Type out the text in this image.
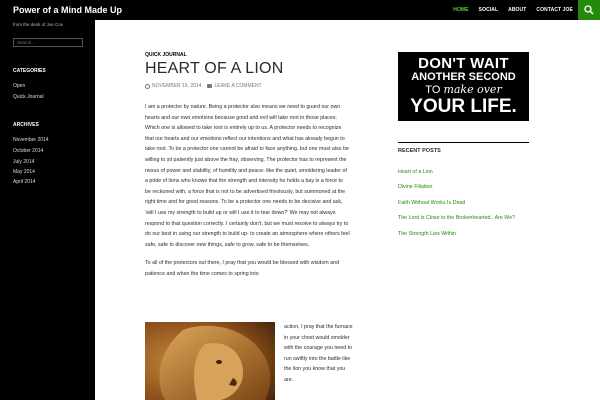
Power of a Mind Made Up	HOME SOCIAL ABOUT CONTACT JOE
from the desk of Joe Cox
Search …
CATEGORIES
Open
Quick Journal
ARCHIVES
November 2014
October 2014
July 2014
May 2014
April 2014
QUICK JOURNAL
HEART OF A LION
NOVEMBER 19, 2014	LEAVE A COMMENT

I am a protector by nature. Being a protector also means we need to guard our own hearts and our own emotions because good and evil will take root in those places. Which one is allowed to take root is entirely up to us. A protector needs to recognize that our hearts and our emotions reflect our intentions and what has already begun to take root. To be a protector one cannot be afraid to face anything, but one must also be willing to sit patiently just above the fray, observing. The protector has to represent the nexus of power and stability, of humility and peace- like the quiet, smoldering leader of a pride of lions who knows that the strength and intensity he holds a bay is a force to be reckoned with, a force that is not to be advertised frivolously, but summoned at the right time and for good reasons. To be a protector one needs to be decisive and ask, ‘will I use my strength to build up or will I use it to tear down?’ We may not always respond to that question correctly. I certainly don’t, but we must resolve to always try to do our best in using our strength to build up- to create an atmosphere where others feel safe, safe to discover new things, safe to grow, safe to be themselves.

To all of the protectors out there, I pray that you would be blessed with wisdom and patience and when the time comes to spring into

action, I pray that the furnace in your chest would smolder with the courage you need to run swiftly into the battle like the lion you know that you are.
DON'T WAIT
ANOTHER SECOND
TO make over
YOUR LIFE.
RECENT POSTS
Heart of a Lion
Divine Filiation
Faith Without Works Is Dead
The Lord is Close to the Brokenhearted.. Are We?
The Strength Lies Within
